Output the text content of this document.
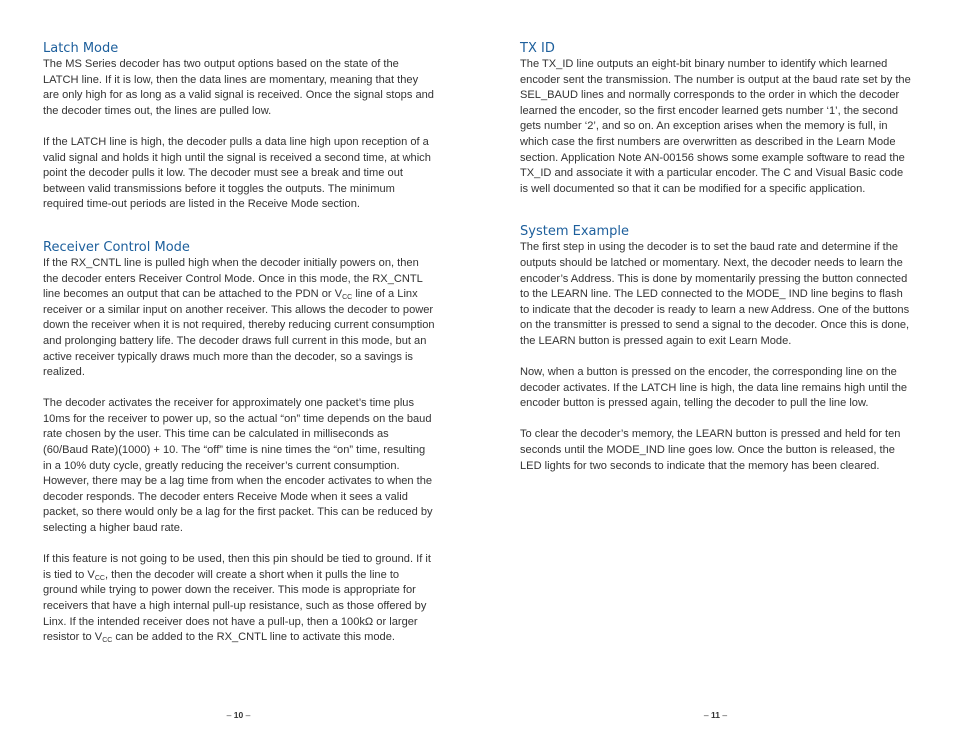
Latch Mode

The MS Series decoder has two output options based on the state of the LATCH line. If it is low, then the data lines are momentary, meaning that they are only high for as long as a valid signal is received. Once the signal stops and the decoder times out, the lines are pulled low.

If the LATCH line is high, the decoder pulls a data line high upon reception of a valid signal and holds it high until the signal is received a second time, at which point the decoder pulls it low. The decoder must see a break and time out between valid transmissions before it toggles the outputs. The minimum required time-out periods are listed in the Receive Mode section.

Receiver Control Mode

If the RX_CNTL line is pulled high when the decoder initially powers on, then the decoder enters Receiver Control Mode. Once in this mode, the RX_CNTL line becomes an output that can be attached to the PDN or $V_{CC}$ line of a Linx receiver or a similar input on another receiver. This allows the decoder to power down the receiver when it is not required, thereby reducing current consumption and prolonging battery life. The decoder draws full current in this mode, but an active receiver typically draws much more than the decoder, so a savings is realized.

The decoder activates the receiver for approximately one packet’s time plus 10ms for the receiver to power up, so the actual “on” time depends on the baud rate chosen by the user. This time can be calculated in milliseconds as (60/Baud Rate)(1000) + 10. The “off” time is nine times the “on” time, resulting in a 10% duty cycle, greatly reducing the receiver’s current consumption. However, there may be a lag time from when the encoder activates to when the decoder responds. The decoder enters Receive Mode when it sees a valid packet, so there would only be a lag for the first packet. This can be reduced by selecting a higher baud rate.

If this feature is not going to be used, then this pin should be tied to ground. If it is tied to $V_{CC}$, then the decoder will create a short when it pulls the line to ground while trying to power down the receiver. This mode is appropriate for receivers that have a high internal pull-up resistance, such as those offered by Linx. If the intended receiver does not have a pull-up, then a 100kΩ or larger resistor to $V_{CC}$ can be added to the RX_CNTL line to activate this mode.

– 10 –
TX ID

The TX_ID line outputs an eight-bit binary number to identify which learned encoder sent the transmission. The number is output at the baud rate set by the SEL_BAUD lines and normally corresponds to the order in which the decoder learned the encoder, so the first encoder learned gets number ‘1’, the second gets number ‘2’, and so on. An exception arises when the memory is full, in which case the first numbers are overwritten as described in the Learn Mode section. Application Note AN-00156 shows some example software to read the TX_ID and associate it with a particular encoder. The C and Visual Basic code is well documented so that it can be modified for a specific application.

System Example

The first step in using the decoder is to set the baud rate and determine if the outputs should be latched or momentary. Next, the decoder needs to learn the encoder’s Address. This is done by momentarily pressing the button connected to the LEARN line. The LED connected to the MODE_ IND line begins to flash to indicate that the decoder is ready to learn a new Address. One of the buttons on the transmitter is pressed to send a signal to the decoder. Once this is done, the LEARN button is pressed again to exit Learn Mode.

Now, when a button is pressed on the encoder, the corresponding line on the decoder activates. If the LATCH line is high, the data line remains high until the encoder button is pressed again, telling the decoder to pull the line low.

To clear the decoder’s memory, the LEARN button is pressed and held for ten seconds until the MODE_IND line goes low. Once the button is released, the LED lights for two seconds to indicate that the memory has been cleared.

– 11 –
